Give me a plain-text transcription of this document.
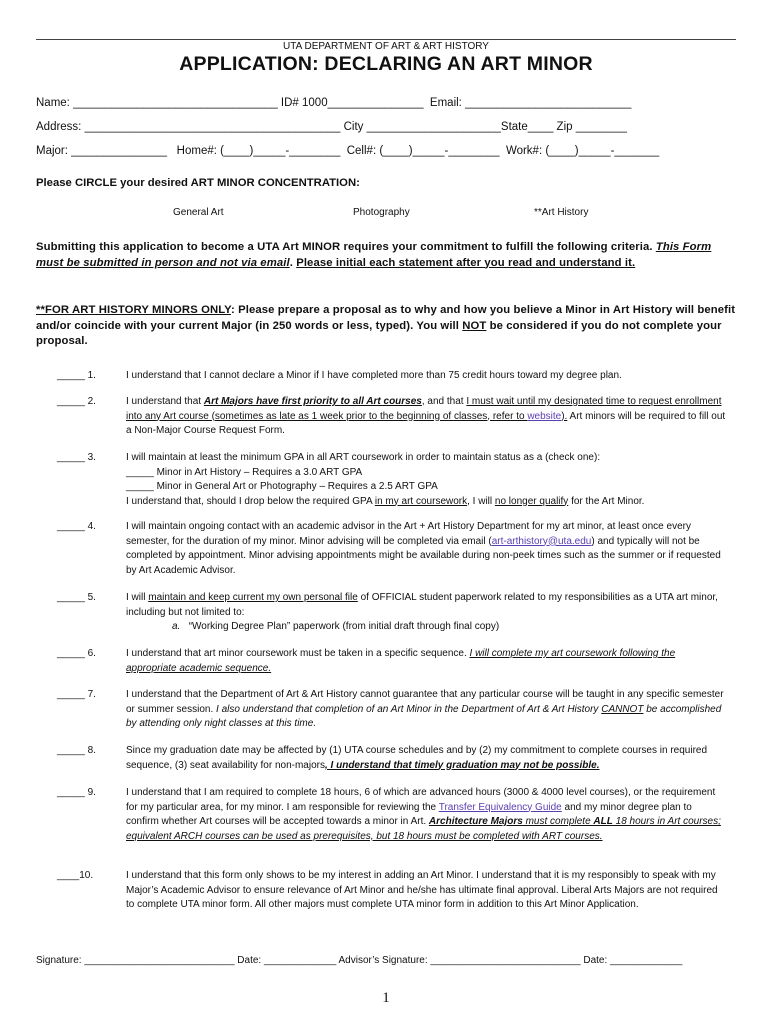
UTA DEPARTMENT OF ART & ART HISTORY
APPLICATION: DECLARING AN ART MINOR
Name: ________________________________ ID# 1000_______________  Email: __________________________
Address: ________________________________________ City _____________________State____ Zip ________
Major: _______________   Home#: (____)_____-________  Cell#: (____)_____-________  Work#: (____)_____-_______
Please CIRCLE your desired ART MINOR CONCENTRATION:
General Art	Photography	**Art History
Submitting this application to become a UTA Art MINOR requires your commitment to fulfill the following criteria. This Form must be submitted in person and not via email. Please initial each statement after you read and understand it.
**FOR ART HISTORY MINORS ONLY: Please prepare a proposal as to why and how you believe a Minor in Art History will benefit and/or coincide with your current Major (in 250 words or less, typed). You will NOT be considered if you do not complete your proposal.
_____ 1.	I understand that I cannot declare a Minor if I have completed more than 75 credit hours toward my degree plan.
_____ 2.	I understand that Art Majors have first priority to all Art courses, and that I must wait until my designated time to request enrollment into any Art course (sometimes as late as 1 week prior to the beginning of classes, refer to website). Art minors will be required to fill out a Non-Major Course Request Form.
_____ 3.	I will maintain at least the minimum GPA in all ART coursework in order to maintain status as a (check one):
_____ Minor in Art History – Requires a 3.0 ART GPA
_____ Minor in General Art or Photography – Requires a 2.5 ART GPA
I understand that, should I drop below the required GPA in my art coursework, I will no longer qualify for the Art Minor.
_____ 4.	I will maintain ongoing contact with an academic advisor in the Art + Art History Department for my art minor, at least once every semester, for the duration of my minor. Minor advising will be completed via email (art-arthistory@uta.edu) and typically will not be completed by appointment. Minor advising appointments might be available during non-peek times such as the summer or if requested by Art Academic Advisor.
_____ 5.	I will maintain and keep current my own personal file of OFFICIAL student paperwork related to my responsibilities as a UTA art minor, including but not limited to:
a. “Working Degree Plan” paperwork (from initial draft through final copy)
_____ 6.	I understand that art minor coursework must be taken in a specific sequence. I will complete my art coursework following the appropriate academic sequence.
_____ 7.	I understand that the Department of Art & Art History cannot guarantee that any particular course will be taught in any specific semester or summer session. I also understand that completion of an Art Minor in the Department of Art & Art History CANNOT be accomplished by attending only night classes at this time.
_____ 8.	Since my graduation date may be affected by (1) UTA course schedules and by (2) my commitment to complete courses in required sequence, (3) seat availability for non-majors, I understand that timely graduation may not be possible.
_____ 9.	I understand that I am required to complete 18 hours, 6 of which are advanced hours (3000 & 4000 level courses), or the requirement for my particular area, for my minor. I am responsible for reviewing the Transfer Equivalency Guide and my minor degree plan to confirm whether Art courses will be accepted towards a minor in Art. Architecture Majors must complete ALL 18 hours in Art courses; equivalent ARCH courses can be used as prerequisites, but 18 hours must be completed with ART courses.
____10.	I understand that this form only shows to be my interest in adding an Art Minor. I understand that it is my responsibly to speak with my Major’s Academic Advisor to ensure relevance of Art Minor and he/she has ultimate final approval. Liberal Arts Majors are not required to complete UTA minor form. All other majors must complete UTA minor form in addition to this Art Minor Application.
Signature: ___________________________ Date: _____________ Advisor’s Signature: ___________________________ Date: _____________
1
